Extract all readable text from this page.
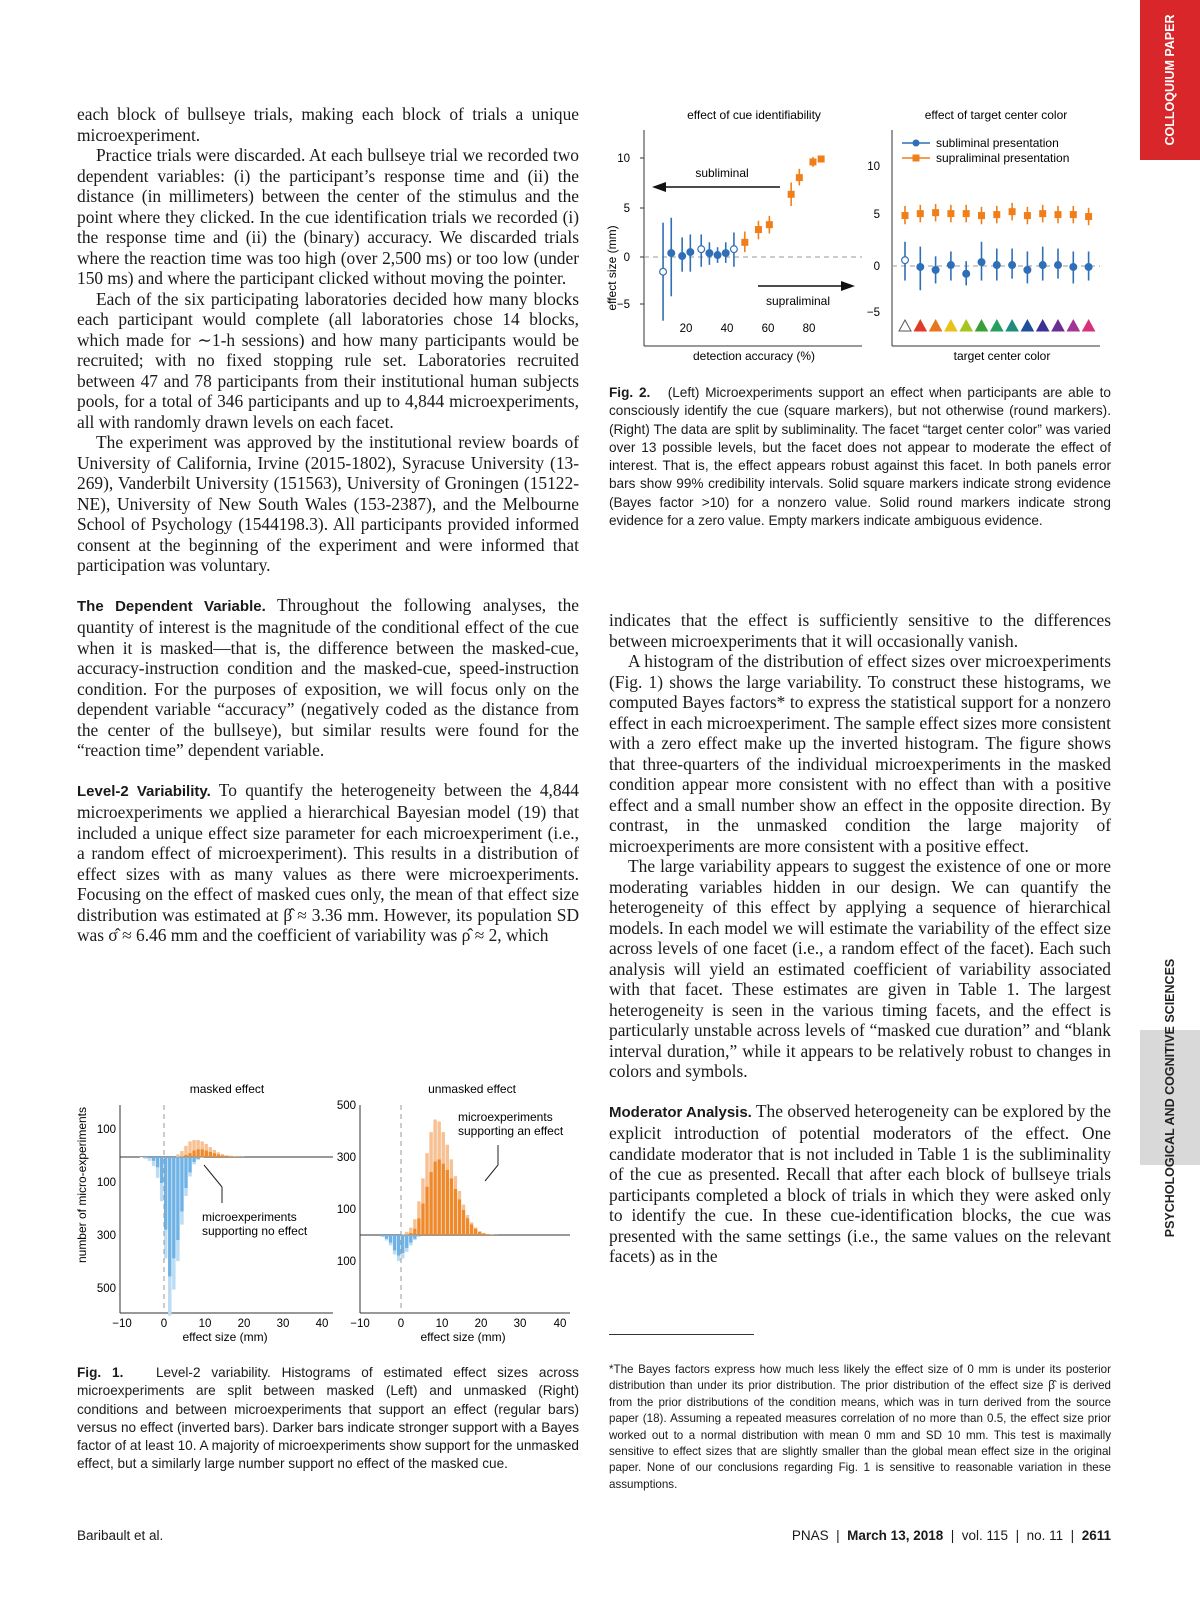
COLLOQUIUM PAPER
PSYCHOLOGICAL AND COGNITIVE SCIENCES

each block of bullseye trials, making each block of trials a unique microexperiment.

Practice trials were discarded. At each bullseye trial we recorded two dependent variables: (i) the participant’s response time and (ii) the distance (in millimeters) between the center of the stimulus and the point where they clicked. In the cue identification trials we recorded (i) the response time and (ii) the (binary) accuracy. We discarded trials where the reaction time was too high (over 2,500 ms) or too low (under 150 ms) and where the participant clicked without moving the pointer.

Each of the six participating laboratories decided how many blocks each participant would complete (all laboratories chose 14 blocks, which made for ∼1-h sessions) and how many participants would be recruited; with no fixed stopping rule set. Laboratories recruited between 47 and 78 participants from their institutional human subjects pools, for a total of 346 participants and up to 4,844 microexperiments, all with randomly drawn levels on each facet.

The experiment was approved by the institutional review boards of University of California, Irvine (2015-1802), Syracuse University (13-269), Vanderbilt University (151563), University of Groningen (15122-NE), University of New South Wales (153-2387), and the Melbourne School of Psychology (1544198.3). All participants provided informed consent at the beginning of the experiment and were informed that participation was voluntary.

The Dependent Variable. Throughout the following analyses, the quantity of interest is the magnitude of the conditional effect of the cue when it is masked—that is, the difference between the masked-cue, accuracy-instruction condition and the masked-cue, speed-instruction condition. For the purposes of exposition, we will focus only on the dependent variable “accuracy” (negatively coded as the distance from the center of the bullseye), but similar results were found for the “reaction time” dependent variable.

Level-2 Variability. To quantify the heterogeneity between the 4,844 microexperiments we applied a hierarchical Bayesian model (19) that included a unique effect size parameter for each microexperiment (i.e., a random effect of microexperiment). This results in a distribution of effect sizes with as many values as there were microexperiments. Focusing on the effect of masked cues only, the mean of that effect size distribution was estimated at β̂ ≈ 3.36 mm. However, its population SD was σ̂ ≈ 6.46 mm and the coefficient of variability was ρ̂ ≈ 2, which

indicates that the effect is sufficiently sensitive to the differences between microexperiments that it will occasionally vanish.

A histogram of the distribution of effect sizes over microexperiments (Fig. 1) shows the large variability. To construct these histograms, we computed Bayes factors* to express the statistical support for a nonzero effect in each microexperiment. The sample effect sizes more consistent with a zero effect make up the inverted histogram. The figure shows that three-quarters of the individual microexperiments in the masked condition appear more consistent with no effect than with a positive effect and a small number show an effect in the opposite direction. By contrast, in the unmasked condition the large majority of microexperiments are more consistent with a positive effect.

The large variability appears to suggest the existence of one or more moderating variables hidden in our design. We can quantify the heterogeneity of this effect by applying a sequence of hierarchical models. In each model we will estimate the variability of the effect size across levels of one facet (i.e., a random effect of the facet). Each such analysis will yield an estimated coefficient of variability associated with that facet. These estimates are given in Table 1. The largest heterogeneity is seen in the various timing facets, and the effect is particularly unstable across levels of “masked cue duration” and “blank interval duration,” while it appears to be relatively robust to changes in colors and symbols.

Moderator Analysis. The observed heterogeneity can be explored by the explicit introduction of potential moderators of the effect. One candidate moderator that is not included in Table 1 is the subliminality of the cue as presented. Recall that after each block of bullseye trials participants completed a block of trials in which they were asked only to identify the cue. In these cue-identification blocks, the cue was presented with the same settings (i.e., the same values on the relevant facets) as in the

effect of cue identifiability	effect of target center color
effect size (mm)
10
5
0
−5
20 40 60 80
detection accuracy (%)
subliminal
supraliminal
10
5
0
−5
target center color
subliminal presentation
supraliminal presentation
Fig. 2. (Left) Microexperiments support an effect when participants are able to consciously identify the cue (square markers), but not otherwise (round markers). (Right) The data are split by subliminality. The facet “target center color” was varied over 13 possible levels, but the facet does not appear to moderate the effect of interest. That is, the effect appears robust against this facet. In both panels error bars show 99% credibility intervals. Solid square markers indicate strong evidence (Bayes factor >10) for a nonzero value. Solid round markers indicate strong evidence for a zero value. Empty markers indicate ambiguous evidence.
masked effect	unmasked effect
number of micro-experiments 100
100
300
500
−10	0	10 20 30 40
effect size (mm)
microexperiments
supporting no effect
500
300
100
100
−10 0	10 20 30 40
effect size (mm)
microexperiments
supporting an effect
Fig. 1. Level-2 variability. Histograms of estimated effect sizes across microexperiments are split between masked (Left) and unmasked (Right) conditions and between microexperiments that support an effect (regular bars) versus no effect (inverted bars). Darker bars indicate stronger support with a Bayes factor of at least 10. A majority of microexperiments show support for the unmasked effect, but a similarly large number support no effect of the masked cue.
*The Bayes factors express how much less likely the effect size of 0 mm is under its posterior distribution than under its prior distribution. The prior distribution of the effect size β̂ is derived from the prior distributions of the condition means, which was in turn derived from the source paper (18). Assuming a repeated measures correlation of no more than 0.5, the effect size prior worked out to a normal distribution with mean 0 mm and SD 10 mm. This test is maximally sensitive to effect sizes that are slightly smaller than the global mean effect size in the original paper. None of our conclusions regarding Fig. 1 is sensitive to reasonable variation in these assumptions.
Baribault et al.	PNAS | March 13, 2018 | vol. 115 | no. 11 | 2611
